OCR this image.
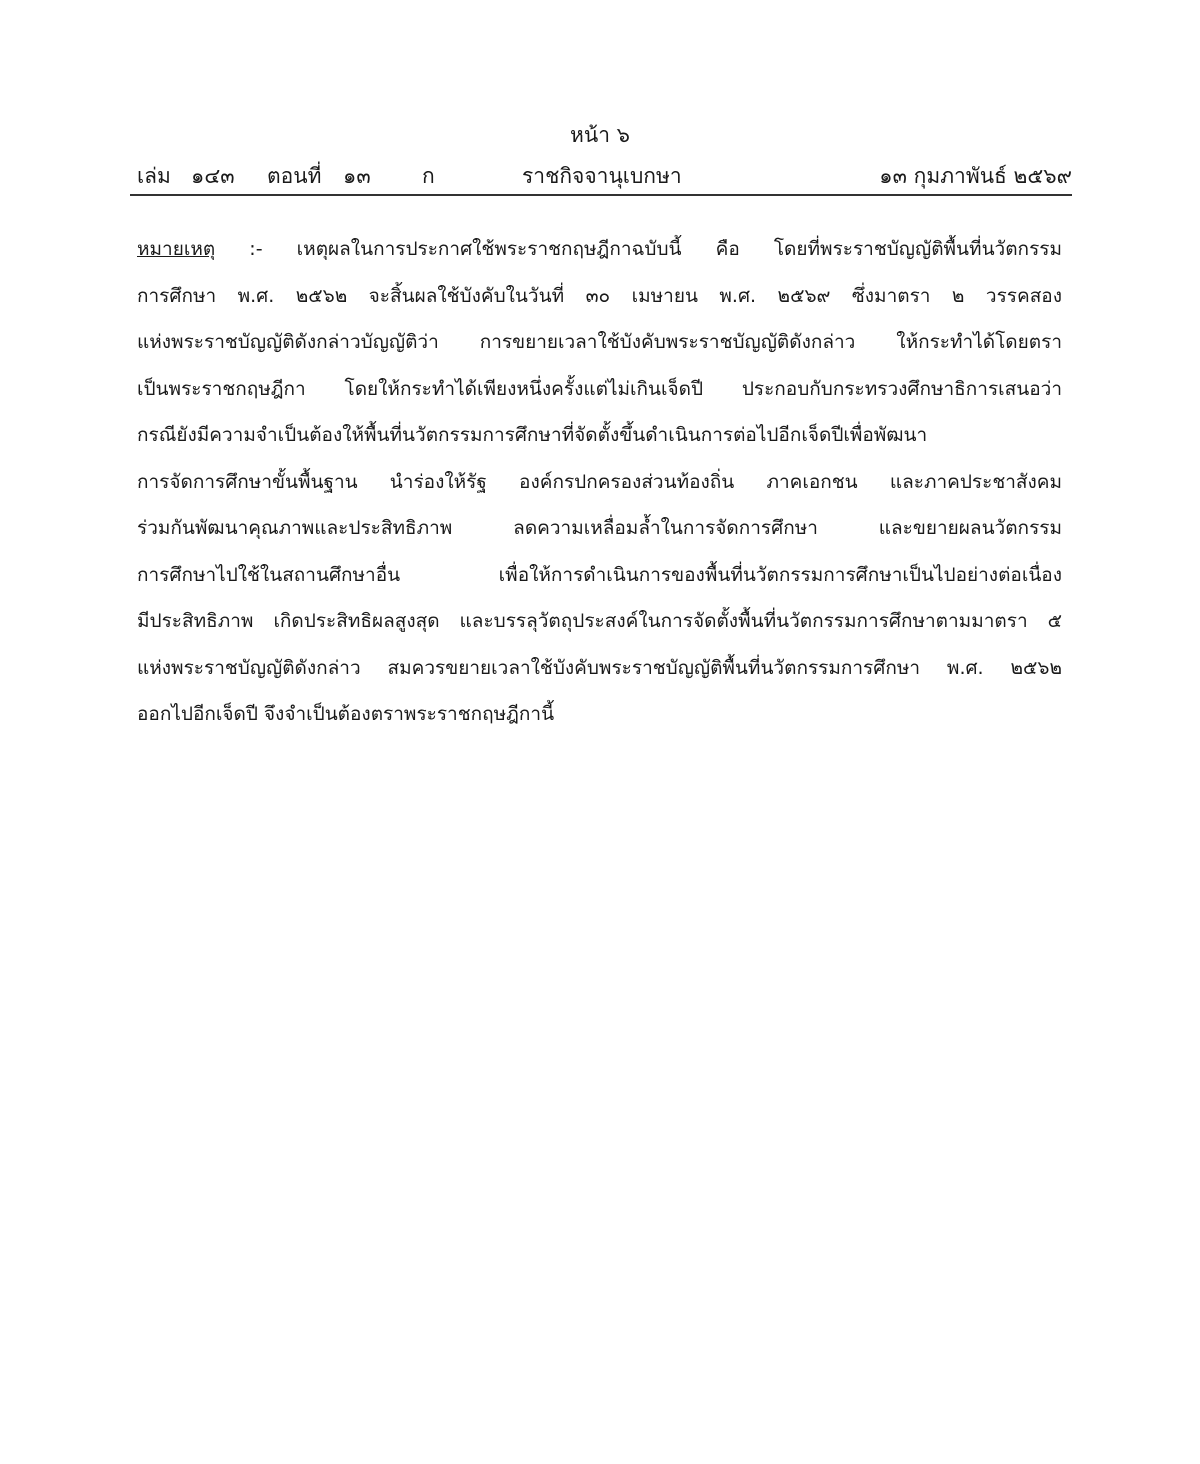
หน้า ๖
เล่ม ๑๔๓ ตอนที่ ๑๓ ก	ราชกิจจานุเบกษา	๑๓ กุมภาพันธ์ ๒๕๖๙
หมายเหตุ :- เหตุผลในการประกาศใช้พระราชกฤษฎีกาฉบับนี้ คือ โดยที่พระราชบัญญัติพื้นที่นวัตกรรม
การศึกษา พ.ศ. ๒๕๖๒ จะสิ้นผลใช้บังคับในวันที่ ๓๐ เมษายน พ.ศ. ๒๕๖๙ ซึ่งมาตรา ๒ วรรคสอง
แห่งพระราชบัญญัติดังกล่าวบัญญัติว่า การขยายเวลาใช้บังคับพระราชบัญญัติดังกล่าว ให้กระทำได้โดยตรา
เป็นพระราชกฤษฎีกา โดยให้กระทำได้เพียงหนึ่งครั้งแต่ไม่เกินเจ็ดปี ประกอบกับกระทรวงศึกษาธิการเสนอว่า
กรณียังมีความจำเป็นต้องให้พื้นที่นวัตกรรมการศึกษาที่จัดตั้งขึ้นดำเนินการต่อไปอีกเจ็ดปีเพื่อพัฒนา
การจัดการศึกษาขั้นพื้นฐาน นำร่องให้รัฐ องค์กรปกครองส่วนท้องถิ่น ภาคเอกชน และภาคประชาสังคม
ร่วมกันพัฒนาคุณภาพและประสิทธิภาพ ลดความเหลื่อมล้ำในการจัดการศึกษา และขยายผลนวัตกรรม
การศึกษาไปใช้ในสถานศึกษาอื่น เพื่อให้การดำเนินการของพื้นที่นวัตกรรมการศึกษาเป็นไปอย่างต่อเนื่อง
มีประสิทธิภาพ เกิดประสิทธิผลสูงสุด และบรรลุวัตถุประสงค์ในการจัดตั้งพื้นที่นวัตกรรมการศึกษาตามมาตรา ๕
แห่งพระราชบัญญัติดังกล่าว สมควรขยายเวลาใช้บังคับพระราชบัญญัติพื้นที่นวัตกรรมการศึกษา พ.ศ. ๒๕๖๒
ออกไปอีกเจ็ดปี จึงจำเป็นต้องตราพระราชกฤษฎีกานี้
